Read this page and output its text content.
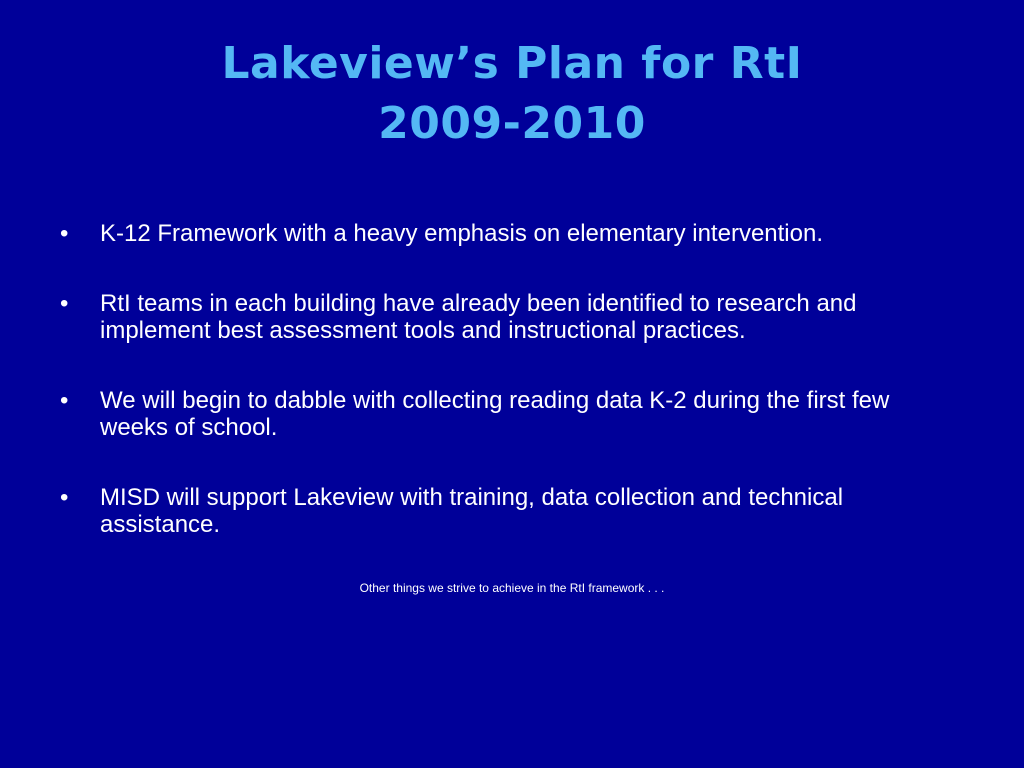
Lakeview’s Plan for RtI
2009-2010
•	K-12 Framework with a heavy emphasis on elementary intervention.
•	RtI teams in each building have already been identified to research and implement best assessment tools and instructional practices.
•	We will begin to dabble with collecting reading data K-2 during the first few weeks of school.
•	MISD will support Lakeview with training, data collection and technical assistance.
Other things we strive to achieve in the RtI framework . . .
